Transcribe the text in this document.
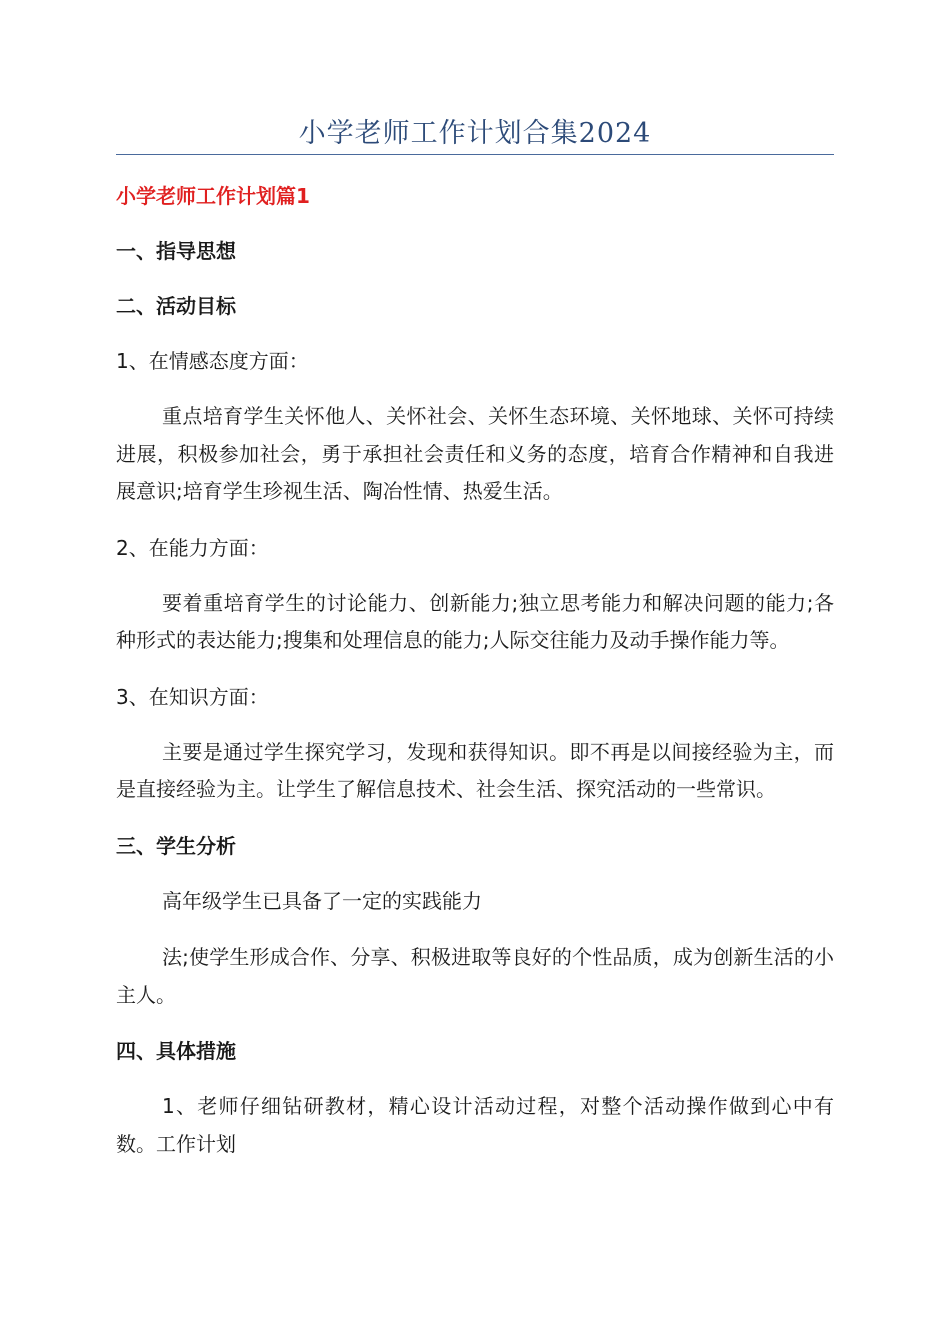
小学老师工作计划合集2024

小学老师工作计划篇1

一、指导思想

二、活动目标

1、在情感态度方面：

重点培育学生关怀他人、关怀社会、关怀生态环境、关怀地球、关怀可持续进展，积极参加社会，勇于承担社会责任和义务的态度，培育合作精神和自我进展意识;培育学生珍视生活、陶冶性情、热爱生活。

2、在能力方面：

要着重培育学生的讨论能力、创新能力;独立思考能力和解决问题的能力;各种形式的表达能力;搜集和处理信息的能力;人际交往能力及动手操作能力等。

3、在知识方面：

主要是通过学生探究学习，发现和获得知识。即不再是以间接经验为主，而是直接经验为主。让学生了解信息技术、社会生活、探究活动的一些常识。

三、学生分析

高年级学生已具备了一定的实践能力

法;使学生形成合作、分享、积极进取等良好的个性品质，成为创新生活的小主人。

四、具体措施

1、老师仔细钻研教材，精心设计活动过程，对整个活动操作做到心中有数。工作计划
